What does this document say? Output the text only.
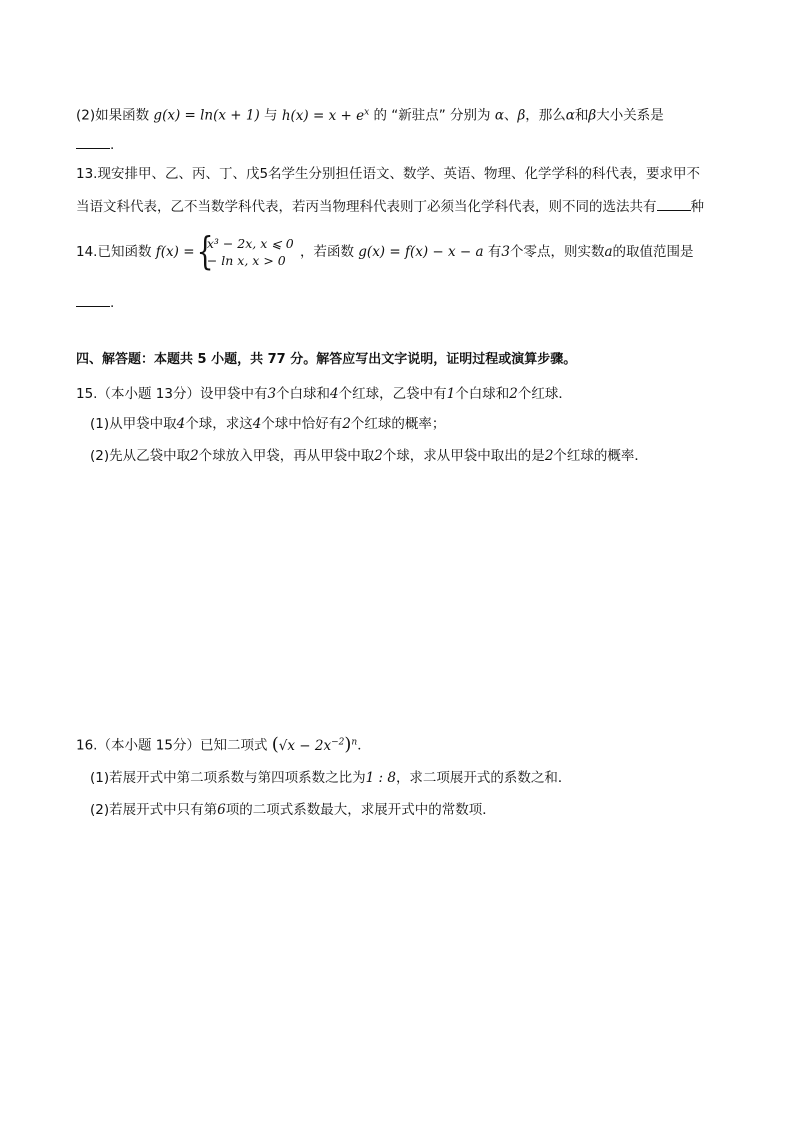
(2)如果函数 g(x) = ln(x + 1) 与 $h(x) = x + e^x$ 的 “新驻点” 分别为 α、β，那么α和β大小关系是
.
13.现安排甲、乙、丙、丁、戊5名学生分别担任语文、数学、英语、物理、化学学科的科代表，要求甲不
当语文科代表，乙不当数学科代表，若丙当物理科代表则丁必须当化学科代表，则不同的选法共有	种
14.已知函数 f(x) = {
x³ − 2x, x ⩽ 0
− ln x, x > 0
，若函数 g(x) = f(x) − x − a 有3个零点，则实数a的取值范围是
.
四、解答题：本题共 5 小题，共 77 分。解答应写出文字说明，证明过程或演算步骤。
15.（本小题 13分）设甲袋中有3个白球和4个红球，乙袋中有1个白球和2个红球．
(1)从甲袋中取4个球，求这4个球中恰好有2个红球的概率；
(2)先从乙袋中取2个球放入甲袋，再从甲袋中取2个球，求从甲袋中取出的是2个红球的概率．
16.（本小题 15分）已知二项式 $(√x - 2x^{-2})^n$．
(1)若展开式中第二项系数与第四项系数之比为1 : 8，求二项展开式的系数之和．
(2)若展开式中只有第6项的二项式系数最大，求展开式中的常数项．
